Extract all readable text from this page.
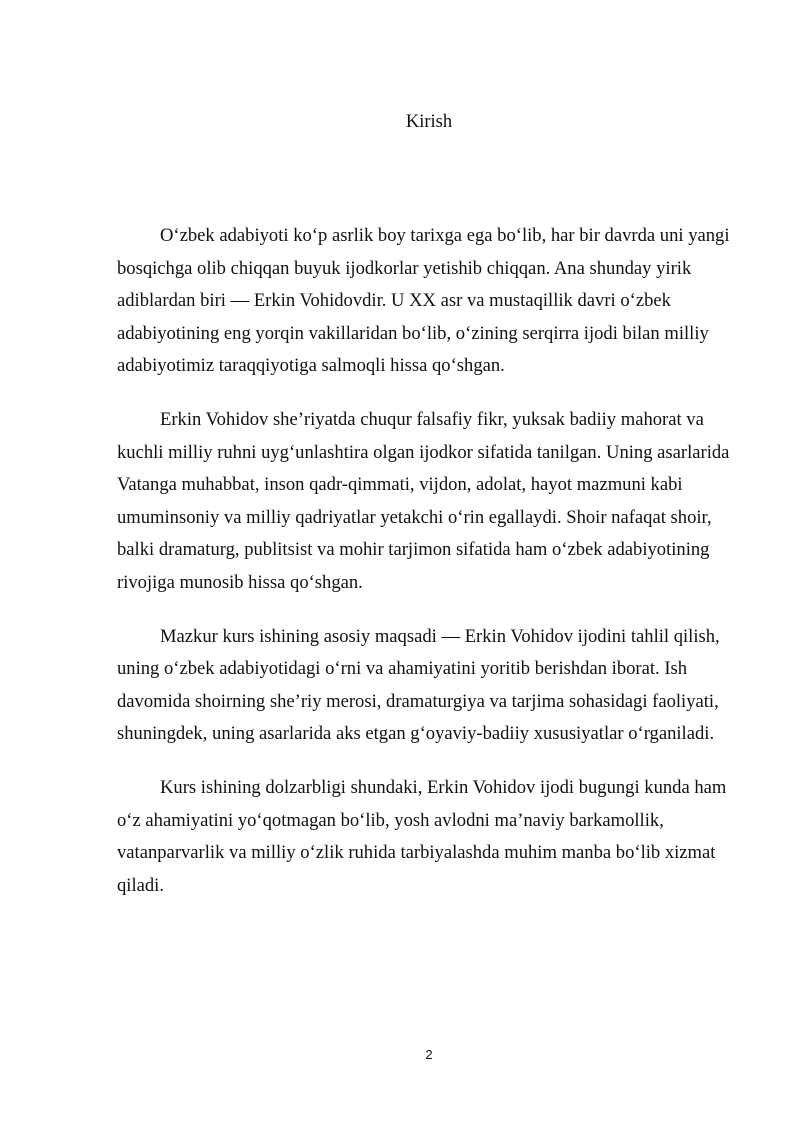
Kirish

O‘zbek adabiyoti ko‘p asrlik boy tarixga ega bo‘lib, har bir davrda uni yangi
bosqichga olib chiqqan buyuk ijodkorlar yetishib chiqqan. Ana shunday yirik
adiblardan biri — Erkin Vohidovdir. U XX asr va mustaqillik davri o‘zbek
adabiyotining eng yorqin vakillaridan bo‘lib, o‘zining serqirra ijodi bilan milliy
adabiyotimiz taraqqiyotiga salmoqli hissa qo‘shgan.

Erkin Vohidov she’riyatda chuqur falsafiy fikr, yuksak badiiy mahorat va
kuchli milliy ruhni uyg‘unlashtira olgan ijodkor sifatida tanilgan. Uning asarlarida
Vatanga muhabbat, inson qadr-qimmati, vijdon, adolat, hayot mazmuni kabi
umuminsoniy va milliy qadriyatlar yetakchi o‘rin egallaydi. Shoir nafaqat shoir,
balki dramaturg, publitsist va mohir tarjimon sifatida ham o‘zbek adabiyotining
rivojiga munosib hissa qo‘shgan.

Mazkur kurs ishining asosiy maqsadi — Erkin Vohidov ijodini tahlil qilish,
uning o‘zbek adabiyotidagi o‘rni va ahamiyatini yoritib berishdan iborat. Ish
davomida shoirning she’riy merosi, dramaturgiya va tarjima sohasidagi faoliyati,
shuningdek, uning asarlarida aks etgan g‘oyaviy-badiiy xususiyatlar o‘rganiladi.

Kurs ishining dolzarbligi shundaki, Erkin Vohidov ijodi bugungi kunda ham
o‘z ahamiyatini yo‘qotmagan bo‘lib, yosh avlodni ma’naviy barkamollik,
vatanparvarlik va milliy o‘zlik ruhida tarbiyalashda muhim manba bo‘lib xizmat
qiladi.

2
